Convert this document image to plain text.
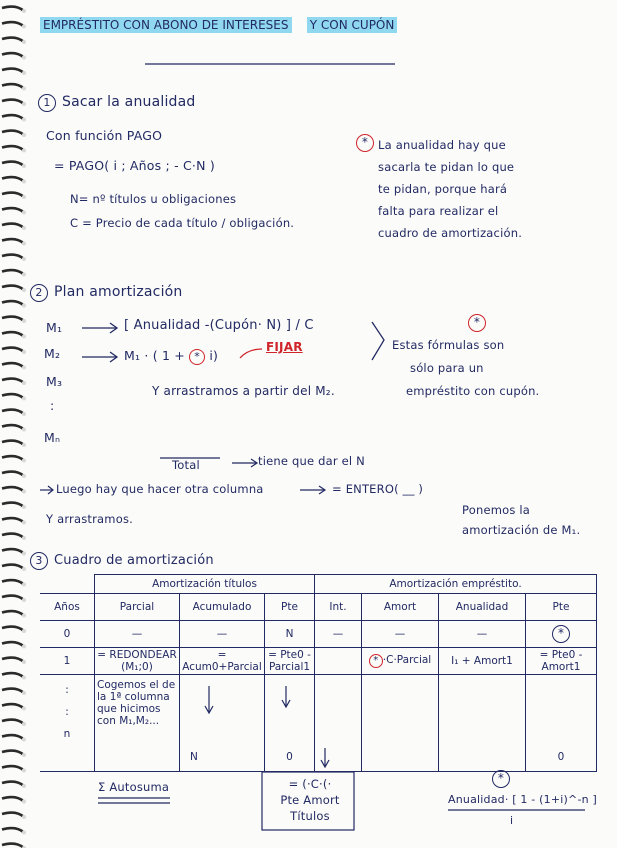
EMPRÉSTITO CON ABONO DE INTERESES Y CON CUPÓN
1 Sacar la anualidad
Con función PAGO
= PAGO( i ; Años ; - C·N )
N= nº títulos u obligaciones
C = Precio de cada título / obligación.
* La anualidad hay que
sacarla te pidan lo que
te pidan, porque hará
falta para realizar el
cuadro de amortización.
2 Plan amortización
M₁	[ Anualidad -(Cupón· N) ] / C
M₂	M₁ · ( 1 + * i)
FIJAR
M₃
:
Mₙ
Y arrastramos a partir del M₂.
*
Estas fórmulas son
sólo para un
empréstito con cupón.
Total	tiene que dar el N
Luego hay que hacer otra columna	= ENTERO( __ )
Y arrastramos.
Ponemos la
amortización de M₁.
3 Cuadro de amortización
	Amortización títulos			Amortización empréstito.			
Años	Parcial	Acumulado	Pte	Int.	Amort	Anualidad	Pte
0	—	—	N	—	—	—	*
1	= REDONDEAR (M₁;0)	= Acum0+Parcial	= Pte0 - Parcial1		* ·C·Parcial	I₁ + Amort1	= Pte0 - Amort1

:
:
n	Cogemos el de la 1ª columna que hicimos con M₁,M₂...	N	0				0
Σ Autosuma	= (·C·(·
Pte Amort
Títulos
*
Anualidad· [ 1 - (1+i)^-n ]
i
